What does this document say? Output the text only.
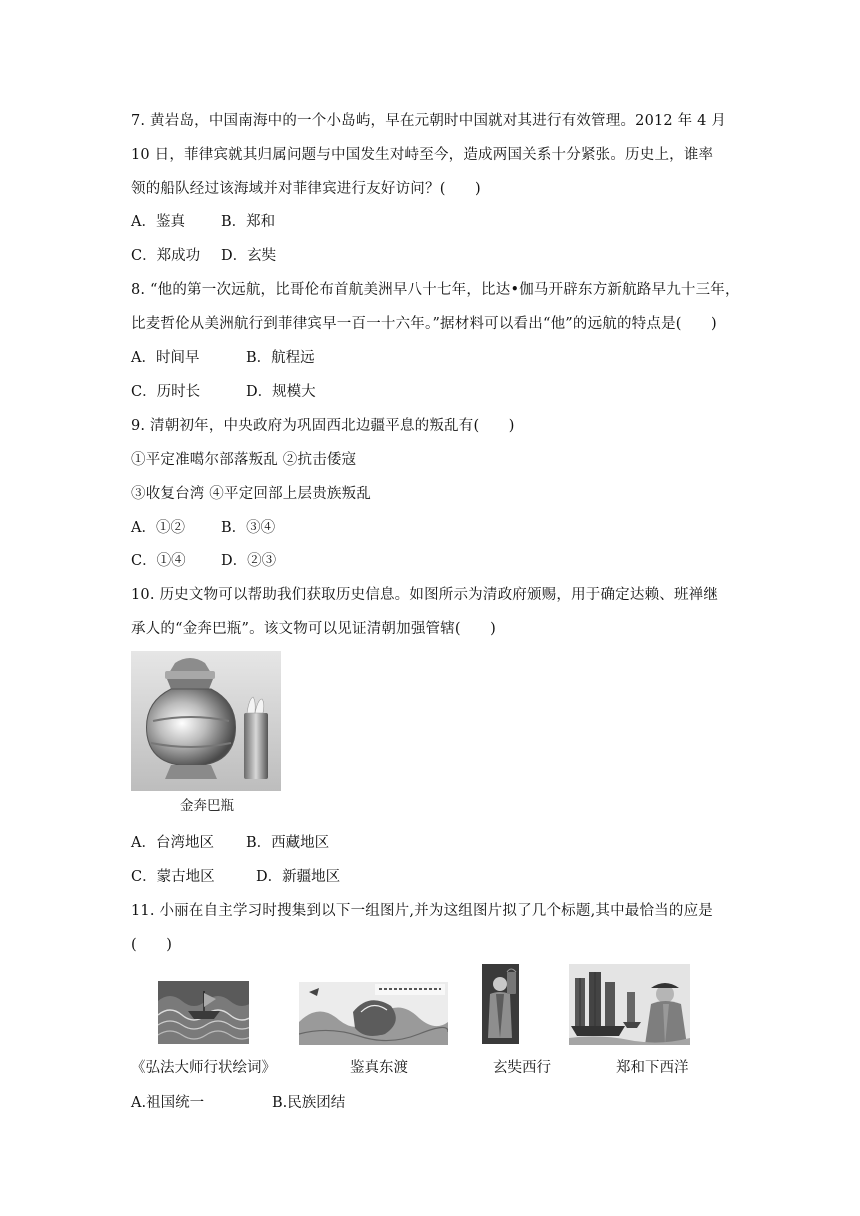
7. 黄岩岛，中国南海中的一个小岛屿，早在元朝时中国就对其进行有效管理。2012 年 4 月
10 日，菲律宾就其归属问题与中国发生对峙至今，造成两国关系十分紧张。历史上，谁率
领的船队经过该海域并对菲律宾进行友好访问？(　　)
A．鉴真 B．郑和
C．郑成功 D．玄奘
8. “他的第一次远航，比哥伦布首航美洲早八十七年，比达•伽马开辟东方新航路早九十三年，
比麦哲伦从美洲航行到菲律宾早一百一十六年。”据材料可以看出“他”的远航的特点是(　　)
A．时间早	B．航程远
C．历时长	D．规模大
9. 清朝初年，中央政府为巩固西北边疆平息的叛乱有(　　)
①平定准噶尔部落叛乱 ②抗击倭寇
③收复台湾 ④平定回部上层贵族叛乱
A．①② B．③④
C．①④ D．②③
10. 历史文物可以帮助我们获取历史信息。如图所示为清政府颁赐，用于确定达赖、班禅继
承人的“金奔巴瓶”。该文物可以见证清朝加强管辖(　　)
金奔巴瓶
A．台湾地区 B．西藏地区
C．蒙古地区	D．新疆地区
11. 小丽在自主学习时搜集到以下一组图片,并为这组图片拟了几个标题,其中最恰当的应是
(　　)
《弘法大师行状绘词》	鉴真东渡	玄奘西行	郑和下西洋
A.祖国统一	B.民族团结
